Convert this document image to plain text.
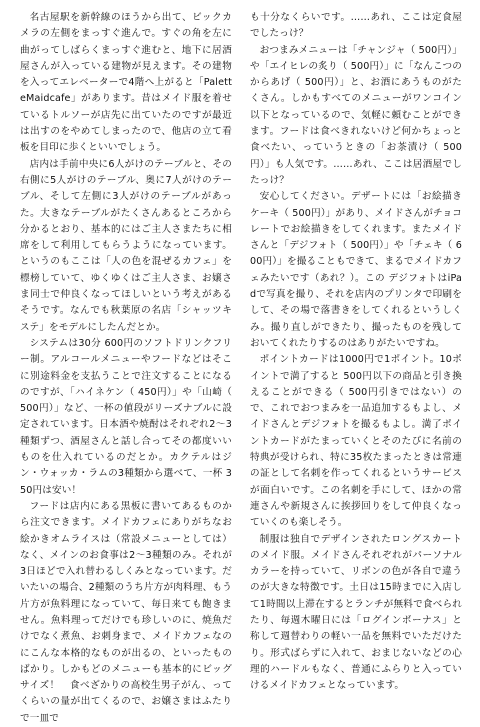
名古屋駅を新幹線のほうから出て、ビックカメラの左側をまっすぐ進んで。すぐの角を左に曲がってしばらくまっすぐ進むと、地下に居酒屋さんが入っている建物が見えます。その建物を入ってエレベーターで4階へ上がると「PaletteMaidcafe」があります。昔はメイド服を着せているトルソーが店先に出ていたのですが最近は出すのをやめてしまったので、他店の立て看板を目印に歩くといいでしょう。

店内は手前中央に6人がけのテーブルと、その右側に5人がけのテーブル、奥に7人がけのテーブル、そして左側に3人がけのテーブルがあった。大きなテーブルがたくさんあるところから分かるとおり、基本的にはご主人さまたちに相席をして利用してもらうようになっています。というのもここは「人の色を混ぜるカフェ」を標榜していて、ゆくゆくはご主人さま、お嬢さま同士で仲良くなってほしいという考えがあるそうです。なんでも秋葉原の名店「シャッツキステ」をモデルにしたんだとか。

システムは30分 600円のソフトドリンクフリー制。アルコールメニューやフードなどはそこに別途料金を支払うことで注文することになるのですが、「ハイネケン（ 450円）」や「山崎（ 500円）」など、一杯の値段がリーズナブルに設定されています。日本酒や焼酎はそれぞれ2～3種類ずつ、酒屋さんと話し合ってその都度いいものを仕入れているのだとか。カクテルはジン・ウォッカ・ラムの3種類から選べて、一杯 350円は安い！

フードは店内にある黒板に書いてあるものから注文できます。メイドカフェにありがちなお絵かきオムライスは（常設メニューとしては）なく、メインのお食事は2～3種類のみ。それが3日ほどで入れ替わるしくみとなっています。だいたいの場合、2種類のうち片方が肉料理、もう片方が魚料理になっていて、毎日来ても飽きません。魚料理ってだけでも珍しいのに、焼魚だけでなく煮魚、お刺身まで、メイドカフェなのにこんな本格的なものが出るの、といったものばかり。しかもどのメニューも基本的にビッグサイズ！　食べざかりの高校生男子がん、ってくらいの量が出てくるので、お嬢さまはふたりで一皿で

も十分なくらいです。……あれ、ここは定食屋でしたっけ？

おつまみメニューは「チャンジャ（ 500円）」や「エイヒレの炙り（ 500円）」に「なんこつのからあげ（ 500円）」と、お酒にあうものがたくさん。しかもすべてのメニューがワンコイン以下となっているので、気軽に頼むことができます。フードは食べきれないけど何かちょっと食べたい、っていうときの「お茶漬け（ 500円）」も人気です。……あれ、ここは居酒屋でしたっけ？

安心してください。デザートには「お絵描きケーキ（ 500円）」があり、メイドさんがチョコレートでお絵描きをしてくれます。またメイドさんと「デジフォト（ 500円）」や「チェキ（ 600円）」を撮ることもできて、まるでメイドカフェみたいです（あれ？）。この デジフォトはiPadで写真を撮り、それを店内のプリンタで印刷をして、その場で落書きをしてくれるというしくみ。撮り直しができたり、撮ったものを残しておいてくれたりするのはありがたいですね。

ポイントカードは1000円で1ポイント。10ポイントで満了すると 500円以下の商品と引き換えることができる（ 500円引きではない）ので、これでおつまみを一品追加するもよし、メイドさんとデジフォトを撮るもよし。満了ポイントカードがたまっていくとそのたびに名前の特典が受けられ、特に35枚たまったときは常連の証として名刺を作ってくれるというサービスが面白いです。この名刺を手にして、ほかの常連さんや新規さんに挨拶回りをして仲良くなっていくのも楽しそう。

制服は独自でデザインされたロングスカートのメイド服。メイドさんそれぞれがパーソナルカラーを持っていて、リボンの色が各自で違うのが大きな特徴です。土日は15時までに入店して1時間以上滞在するとランチが無料で食べられたり、毎週木曜日には「ログインボーナス」と称して週替わりの軽い一品を無料でいただけたり。形式ばらずに入れて、おまじないなどの心理的ハードルもなく、普通にふらりと入っていけるメイドカフェとなっています。
